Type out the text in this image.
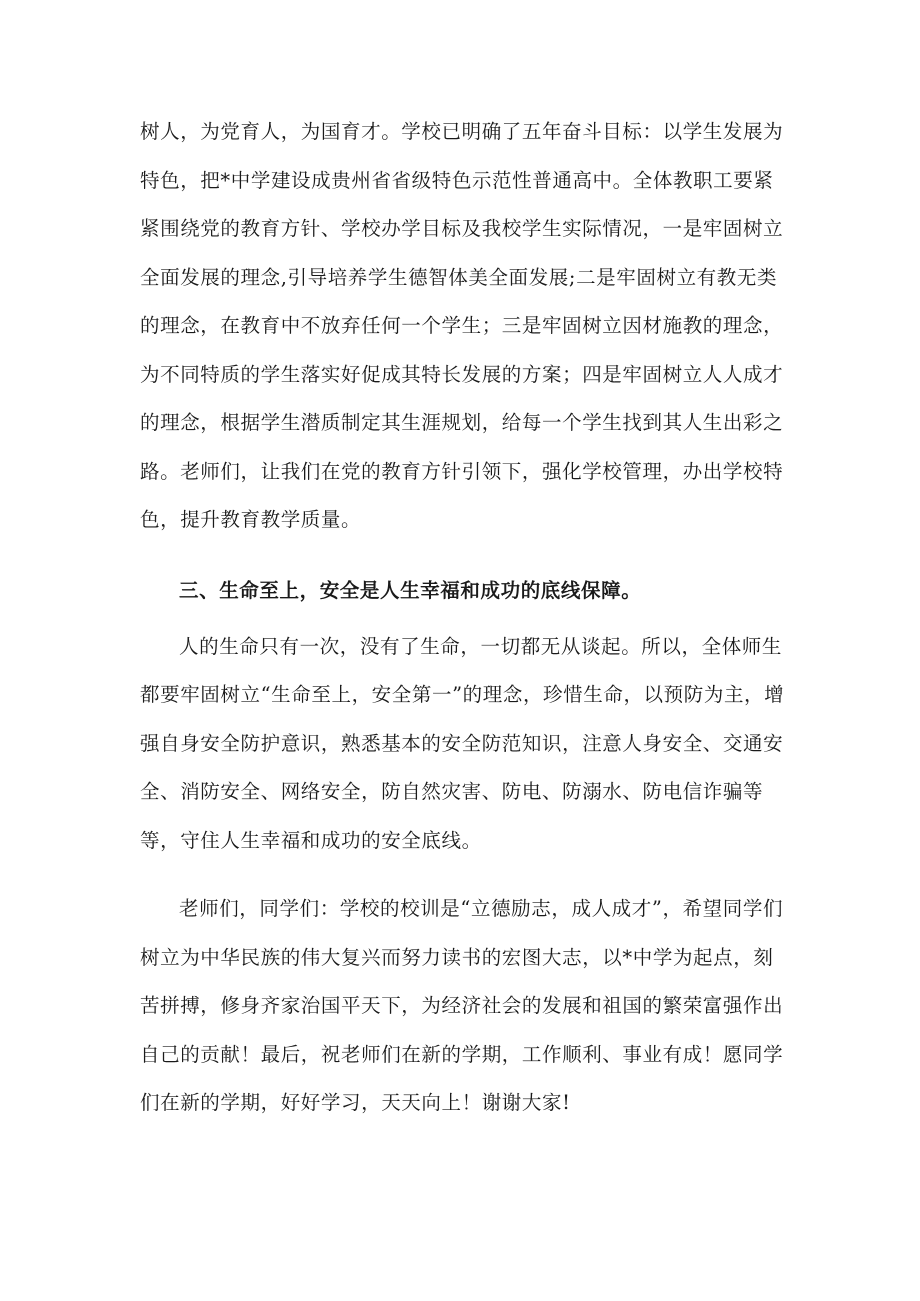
树人，为党育人，为国育才。学校已明确了五年奋斗目标：以学生发展为特色，把*中学建设成贵州省省级特色示范性普通高中。全体教职工要紧紧围绕党的教育方针、学校办学目标及我校学生实际情况，一是牢固树立全面发展的理念,引导培养学生德智体美全面发展;二是牢固树立有教无类的理念，在教育中不放弃任何一个学生；三是牢固树立因材施教的理念，为不同特质的学生落实好促成其特长发展的方案；四是牢固树立人人成才的理念，根据学生潜质制定其生涯规划，给每一个学生找到其人生出彩之路。老师们，让我们在党的教育方针引领下，强化学校管理，办出学校特色，提升教育教学质量。

三、生命至上，安全是人生幸福和成功的底线保障。

人的生命只有一次，没有了生命，一切都无从谈起。所以，全体师生都要牢固树立“生命至上，安全第一”的理念，珍惜生命，以预防为主，增强自身安全防护意识，熟悉基本的安全防范知识，注意人身安全、交通安全、消防安全、网络安全，防自然灾害、防电、防溺水、防电信诈骗等等，守住人生幸福和成功的安全底线。

老师们，同学们：学校的校训是“立德励志，成人成才”，希望同学们树立为中华民族的伟大复兴而努力读书的宏图大志，以*中学为起点，刻苦拼搏，修身齐家治国平天下，为经济社会的发展和祖国的繁荣富强作出自己的贡献！最后，祝老师们在新的学期，工作顺利、事业有成！愿同学们在新的学期，好好学习，天天向上！谢谢大家!
